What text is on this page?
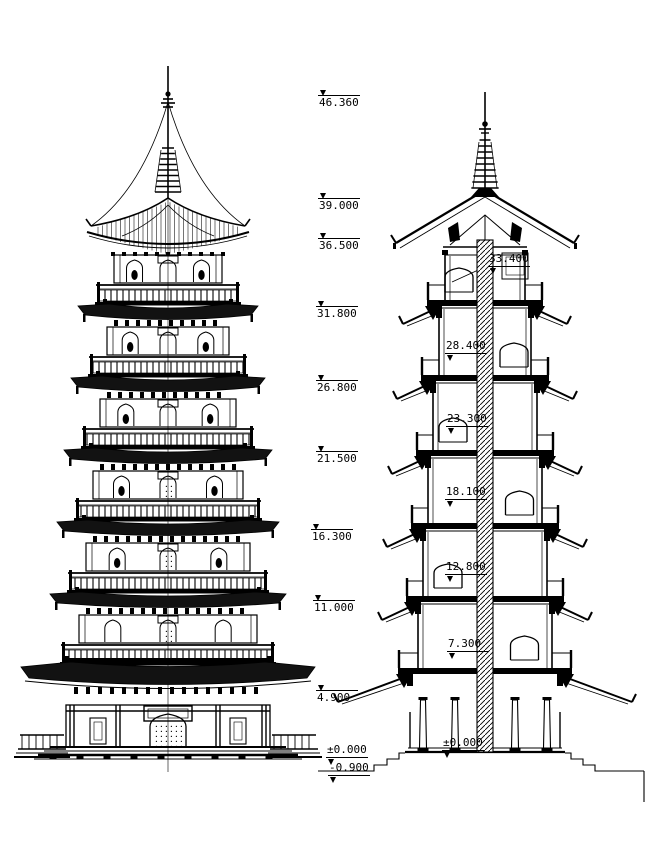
46.360
39.000
36.500
31.800
26.800
21.500
16.300
11.000
4.900
±0.000
-0.900
33.400
28.400
23.300
18.100
12.800
7.300
±0.000
